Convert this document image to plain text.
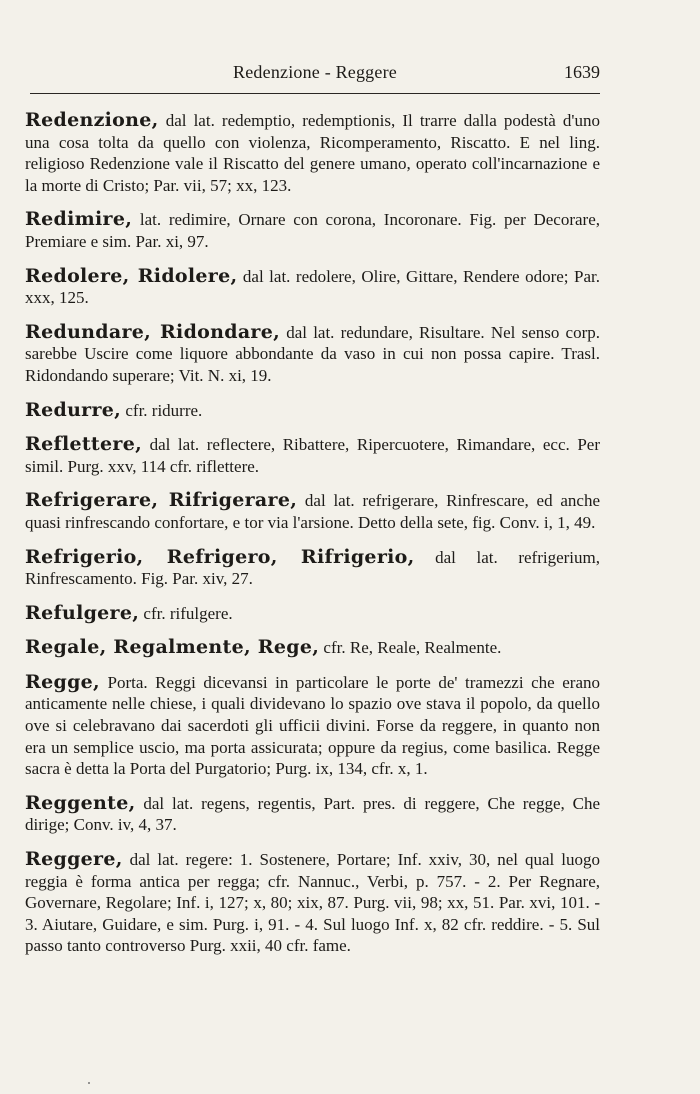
Redenzione - Reggere	1639

Redenzione, dal lat. redemptio, redemptionis, Il trarre dalla podestà d'uno una cosa tolta da quello con violenza, Ricomperamento, Riscatto. E nel ling. religioso Redenzione vale il Riscatto del genere umano, operato coll'incarnazione e la morte di Cristo; Par. vii, 57; xx, 123.

Redimire, lat. redimire, Ornare con corona, Incoronare. Fig. per Decorare, Premiare e sim. Par. xi, 97.

Redolere, Ridolere, dal lat. redolere, Olire, Gittare, Rendere odore; Par. xxx, 125.

Redundare, Ridondare, dal lat. redundare, Risultare. Nel senso corp. sarebbe Uscire come liquore abbondante da vaso in cui non possa capire. Trasl. Ridondando superare; Vit. N. xi, 19.

Redurre, cfr. ridurre.

Reflettere, dal lat. reflectere, Ribattere, Ripercuotere, Rimandare, ecc. Per simil. Purg. xxv, 114 cfr. riflettere.

Refrigerare, Rifrigerare, dal lat. refrigerare, Rinfrescare, ed anche quasi rinfrescando confortare, e tor via l'arsione. Detto della sete, fig. Conv. i, 1, 49.

Refrigerio, Refrigero, Rifrigerio, dal lat. refrigerium, Rinfrescamento. Fig. Par. xiv, 27.

Refulgere, cfr. rifulgere.

Regale, Regalmente, Rege, cfr. Re, Reale, Realmente.

Regge, Porta. Reggi dicevansi in particolare le porte de' tramezzi che erano anticamente nelle chiese, i quali dividevano lo spazio ove stava il popolo, da quello ove si celebravano dai sacerdoti gli ufficii divini. Forse da reggere, in quanto non era un semplice uscio, ma porta assicurata; oppure da regius, come basilica. Regge sacra è detta la Porta del Purgatorio; Purg. ix, 134, cfr. x, 1.

Reggente, dal lat. regens, regentis, Part. pres. di reggere, Che regge, Che dirige; Conv. iv, 4, 37.

Reggere, dal lat. regere: 1. Sostenere, Portare; Inf. xxiv, 30, nel qual luogo reggia è forma antica per regga; cfr. Nannuc., Verbi, p. 757. - 2. Per Regnare, Governare, Regolare; Inf. i, 127; x, 80; xix, 87. Purg. vii, 98; xx, 51. Par. xvi, 101. - 3. Aiutare, Guidare, e sim. Purg. i, 91. - 4. Sul luogo Inf. x, 82 cfr. reddire. - 5. Sul passo tanto controverso Purg. xxii, 40 cfr. fame.
